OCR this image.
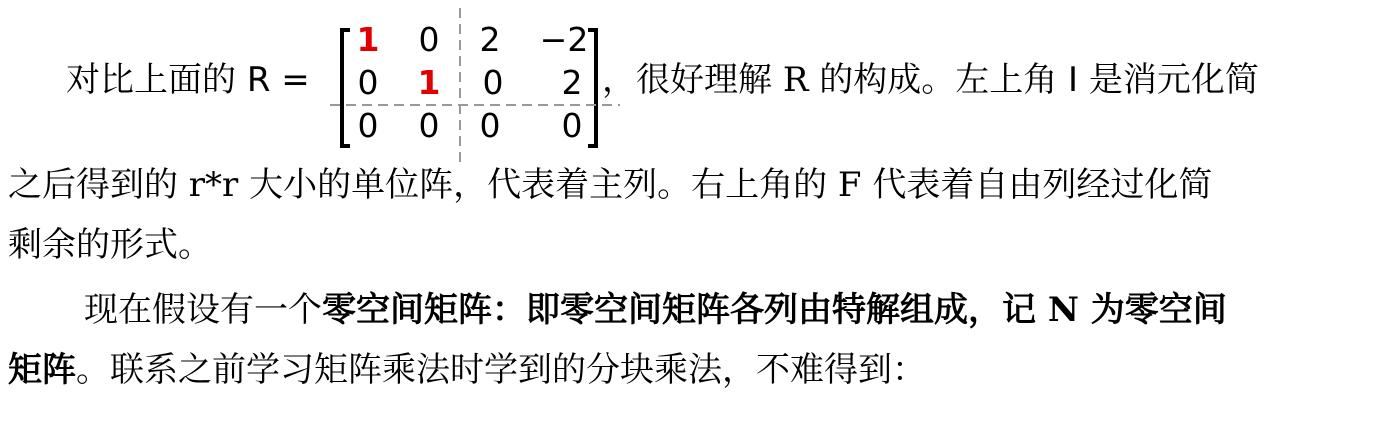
对比上面的 R =
1	0	2	−2
0	1	0	2
0	0	0	0
，很好理解 R 的构成。左上角 I 是消元化简
之后得到的 r*r 大小的单位阵，代表着主列。右上角的 F 代表着自由列经过化简
剩余的形式。
现在假设有一个零空间矩阵：即零空间矩阵各列由特解组成，记 N 为零空间
矩阵。联系之前学习矩阵乘法时学到的分块乘法，不难得到：
